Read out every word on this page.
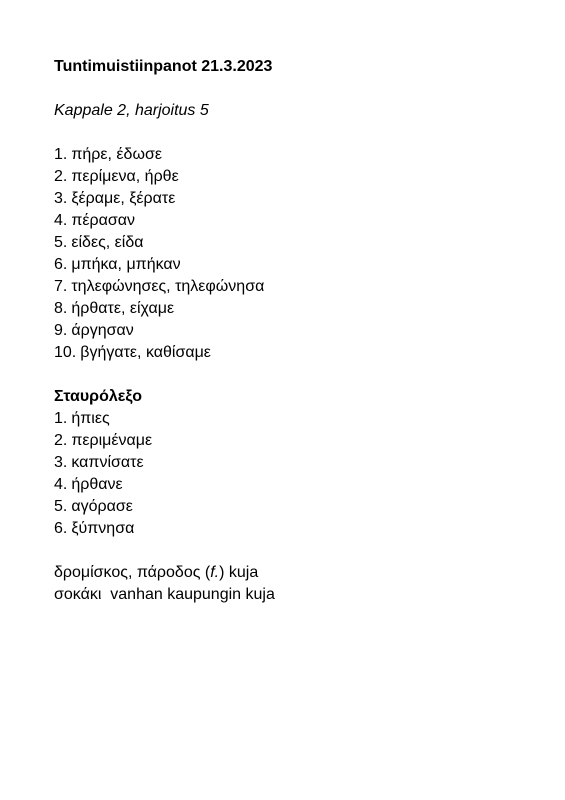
Tuntimuistiinpanot 21.3.2023

Kappale 2, harjoitus 5

1. πήρε, έδωσε
2. περίμενα, ήρθε
3. ξέραμε, ξέρατε
4. πέρασαν
5. είδες, είδα
6. μπήκα, μπήκαν
7. τηλεφώνησες, τηλεφώνησα
8. ήρθατε, είχαμε
9. άργησαν
10. βγήγατε, καθίσαμε

Σταυρόλεξο

1. ήπιες
2. περιμέναμε
3. καπνίσατε
4. ήρθανε
5. αγόρασε
6. ξύπνησα

δρομίσκος, πάροδος (f.) kuja

σοκάκι  vanhan kaupungin kuja
